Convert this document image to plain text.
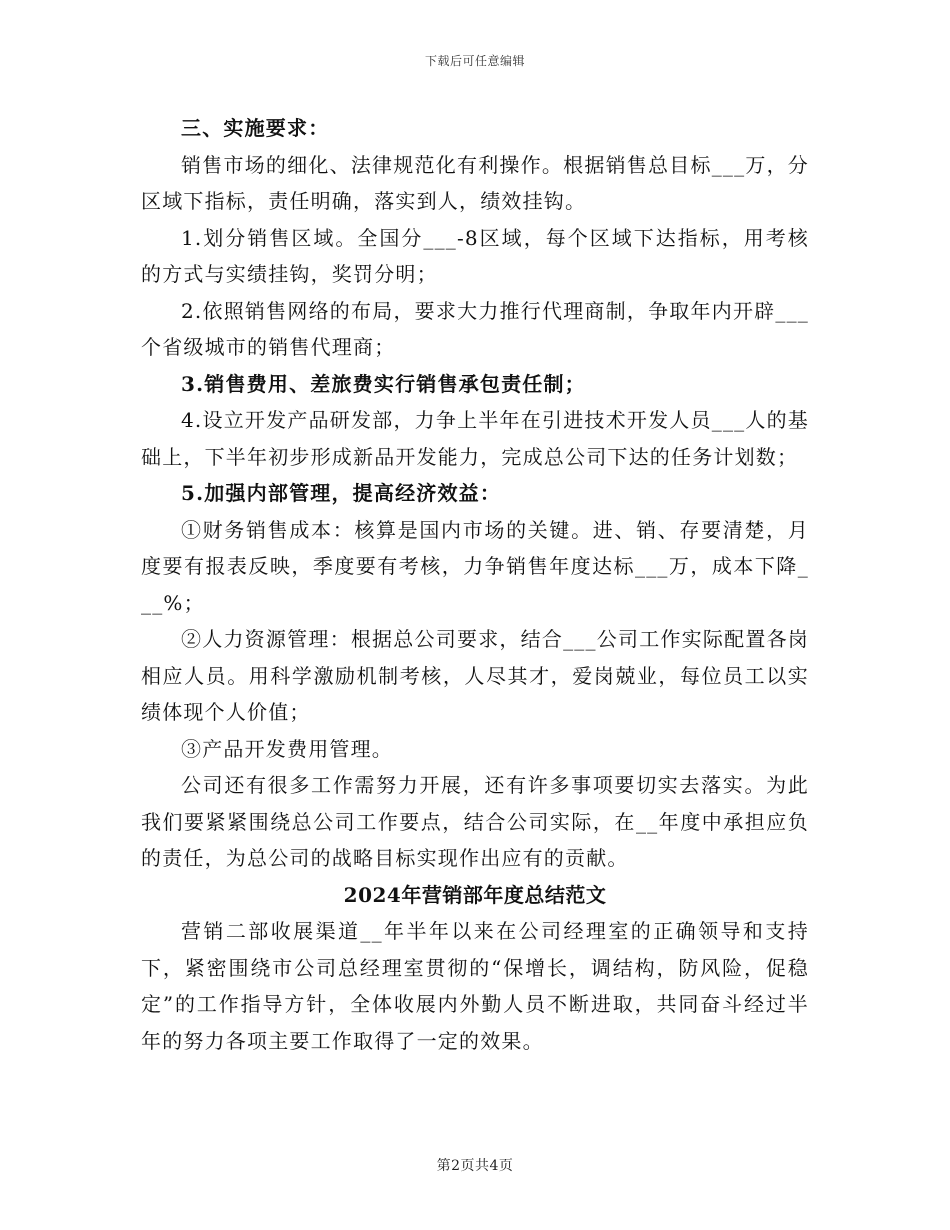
下载后可任意编辑

三、实施要求：

销售市场的细化、法律规范化有利操作。根据销售总目标___万，分区域下指标，责任明确，落实到人，绩效挂钩。

1.划分销售区域。全国分___-8区域，每个区域下达指标，用考核的方式与实绩挂钩，奖罚分明；

2.依照销售网络的布局，要求大力推行代理商制，争取年内开辟___个省级城市的销售代理商；

3.销售费用、差旅费实行销售承包责任制；

4.设立开发产品研发部，力争上半年在引进技术开发人员___人的基础上，下半年初步形成新品开发能力，完成总公司下达的任务计划数；

5.加强内部管理，提高经济效益：

①财务销售成本：核算是国内市场的关键。进、销、存要清楚，月度要有报表反映，季度要有考核，力争销售年度达标___万，成本下降___%；

②人力资源管理：根据总公司要求，结合___公司工作实际配置各岗相应人员。用科学激励机制考核，人尽其才，爱岗兢业，每位员工以实绩体现个人价值；

③产品开发费用管理。

公司还有很多工作需努力开展，还有许多事项要切实去落实。为此我们要紧紧围绕总公司工作要点，结合公司实际，在__年度中承担应负的责任，为总公司的战略目标实现作出应有的贡献。

2024年营销部年度总结范文

营销二部收展渠道__年半年以来在公司经理室的正确领导和支持下，紧密围绕市公司总经理室贯彻的“保增长，调结构，防风险，促稳定”的工作指导方针，全体收展内外勤人员不断进取，共同奋斗经过半年的努力各项主要工作取得了一定的效果。

第2页共4页
